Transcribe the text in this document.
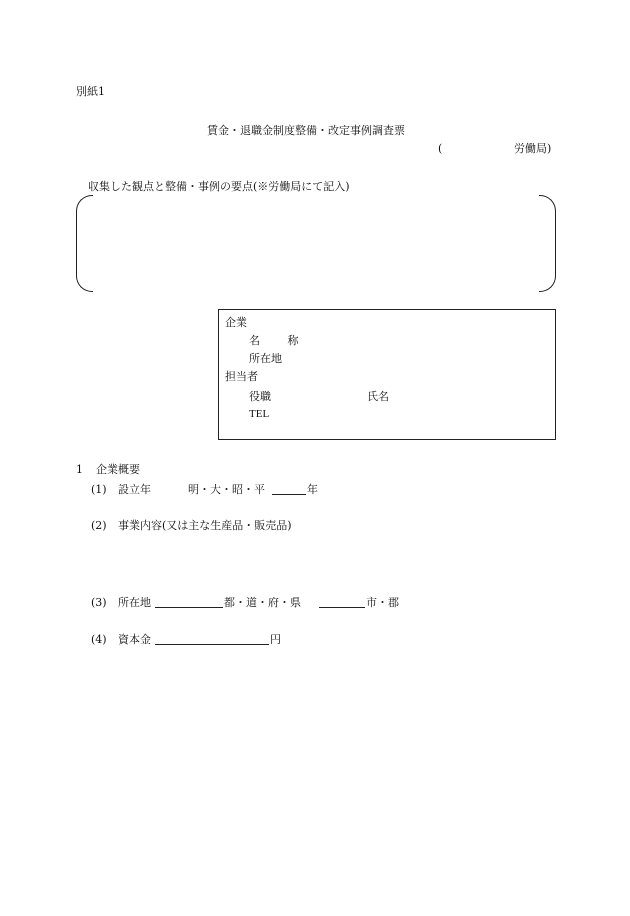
別紙1
賃金・退職金制度整備・改定事例調査票
(	労働局)
収集した観点と整備・事例の要点(※労働局にて記入)
企業
名 称
所在地
担当者
役職	氏名
TEL
1 企業概要
(1) 設立年	明・大・昭・平	年
(2) 事業内容(又は主な生産品・販売品)
(3) 所在地	都・道・府・県	市・郡
(4) 資本金	円
